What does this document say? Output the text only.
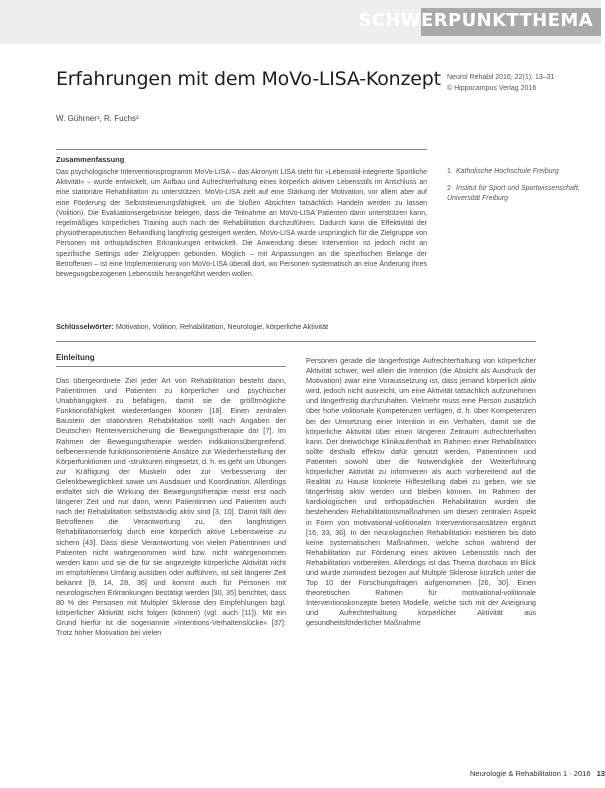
SCHWERPUNKTTHEMA
Erfahrungen mit dem MoVo-LISA-Konzept Neurol Rehabil 2016; 22(1): 13–31
© Hippocampus Verlag 2016
W. Gührner¹, R. Fuchs²
Zusammenfassung
Das psychologische Interventionsprogramm MoVo-LISA – das Akronym LISA steht für »Lebensstil-integrierte Sportliche Aktivität« – wurde entwickelt, um Aufbau und Aufrechterhaltung eines körperlich aktiven Lebensstils im Anschluss an eine stationäre Rehabilitation zu unterstützen. MoVo-LISA zielt auf eine Stärkung der Motivation, vor allem aber auf eine Förderung der Selbststeuerungsfähigkeit, um die bloßen Absichten tatsächlich Handeln werden zu lassen (Volition). Die Evaluationsergebnisse belegen, dass die Teilnahme an MoVo-LISA Patienten darin unterstützen kann, regelmäßiges körperliches Training auch nach der Rehabilitation durchzuführen. Dadurch kann die Effektivität der physiotherapeutischen Behandlung langfristig gesteigert werden. MoVo-LISA wurde ursprünglich für die Zielgruppe von Personen mit orthopädischen Erkrankungen entwickelt. Die Anwendung dieser Intervention ist jedoch nicht an spezifische Settings oder Zielgruppen gebunden. Möglich – mit Anpassungen an die spezifischen Belange der Betroffenen – ist eine Implementierung von MoVo-LISA überall dort, wo Personen systematisch an eine Änderung ihres bewegungsbezogenen Lebensstils herangeführt werden wollen.
1 Katholische Hochschule Freiburg
2 Institut für Sport und Sportwissenschaft, Universität Freiburg
Schlüsselwörter: Motivation, Volition, Rehabilitation, Neurologie, körperliche Aktivität
Einleitung
Das übergeordnete Ziel jeder Art von Rehabilitation besteht darin, Patientinnen und Patienten zu körperlicher und psychischer Unabhängigkeit zu befähigen, damit sie die größtmögliche Funktionsfähigkeit wiedererlangen können [18]. Einen zentralen Baustein der stationären Rehabilitation stellt nach Angaben der Deutschen Rentenversicherung die Bewegungstherapie dar [7]. Im Rahmen der Bewegungstherapie werden indikationsübergreifend, tiefbenennende funktionsorientierte Ansätze zur Wiederherstellung der Körperfunktionen und -strukturen eingesetzt, d. h. es geht um Übungen zur Kräftigung der Muskeln oder zur Verbesserung der Gelenkbeweglichkeit sowie um Ausdauer und Koordination. Allerdings entfaltet sich die Wirkung der Bewegungstherapie meist erst nach längerer Zeit und nur dann, wenn Patientinnen und Patienten auch nach der Rehabilitation selbstständig aktiv sind [3, 10]. Damit fällt den Betroffenen die Verantwortung zu, den langfristigen Rehabilitationserfolg durch eine körperlich aktive Lebensweise zu sichern [43]. Dass diese Verantwortung von vielen Patientinnen und Patienten nicht wahrgenommen wird bzw. nicht wahrgenommen werden kann und sie die für sie angezeigte körperliche Aktivität nicht im empfohlenen Umfang ausüben oder aufführen, ist seit längerer Zeit bekannt [9, 14, 28, 36] und kommt auch für Personen mit neurologischen Erkrankungen bestätigt werden [30, 35] berichtet, dass 80 % der Personen mit Multipler Sklerose den Empfehlungen bzgl. körperlicher Aktivität nicht folgen (können) (vgl. auch [11]). Mit ein Grund hierfür ist die sogenannte »Intentions-Verhaltenslücke« [37]: Trotz hoher Motivation bei vielen
Personen gerade die längerfristige Aufrechterhaltung von körperlicher Aktivität schwer, weil allein die Intention (die Absicht als Ausdruck der Motivation) zwar eine Voraussetzung ist, dass jemand körperlich aktiv wird, jedoch nicht ausreicht, um eine Aktivität tatsächlich aufzunehmen und längerfristig durchzuhalten. Vielmehr muss eine Person zusätzlich über hohe volitionale Kompetenzen verfügen, d. h. über Kompetenzen bei der Umsetzung einer Intention in ein Verhalten, damit sie die körperliche Aktivität über einen längeren Zeitraum aufrechterhalten kann. Der dreiwöchige Klinikaufenthalt im Rahmen einer Rehabilitation sollte deshalb effektiv dafür genutzt werden, Patientinnen und Patienten sowohl über die Notwendigkeit der Weiterführung körperlicher Aktivität zu informieren als auch vorbereitend auf die Realität zu Hause konkrete Hilfestellung dabei zu geben, wie sie längerfristig aktiv werden und bleiben können. Im Rahmen der kardiologischen und orthopädischen Rehabilitation wurden die bestehenden Rehabilitationsmaßnahmen um diesen zentralen Aspekt in Form von motivational-volitionalen Interventionsansätzen ergänzt [16, 33, 36]. In der neurologischen Rehabilitation existieren bis dato keine systematischen Maßnahmen, welche schon während der Rehabilitation zur Förderung eines aktiven Lebensstils nach der Rehabilitation vorbereiten. Allerdings ist das Thema durchaus im Blick und wurde zumindest bezogen auf Multiple Sklerose kürzlich unter die Top 10 der Forschungsfragen aufgenommen [26, 30]. Einen theoretischen Rahmen für motivational-volitionale Interventionskonzepte bieten Modelle, welche sich mit der Aneignung und Aufrechterhaltung körperlicher Aktivität aus gesundheitsförderlicher Maßnahme
Neurologie & Rehabilitation 1 · 2016 13
